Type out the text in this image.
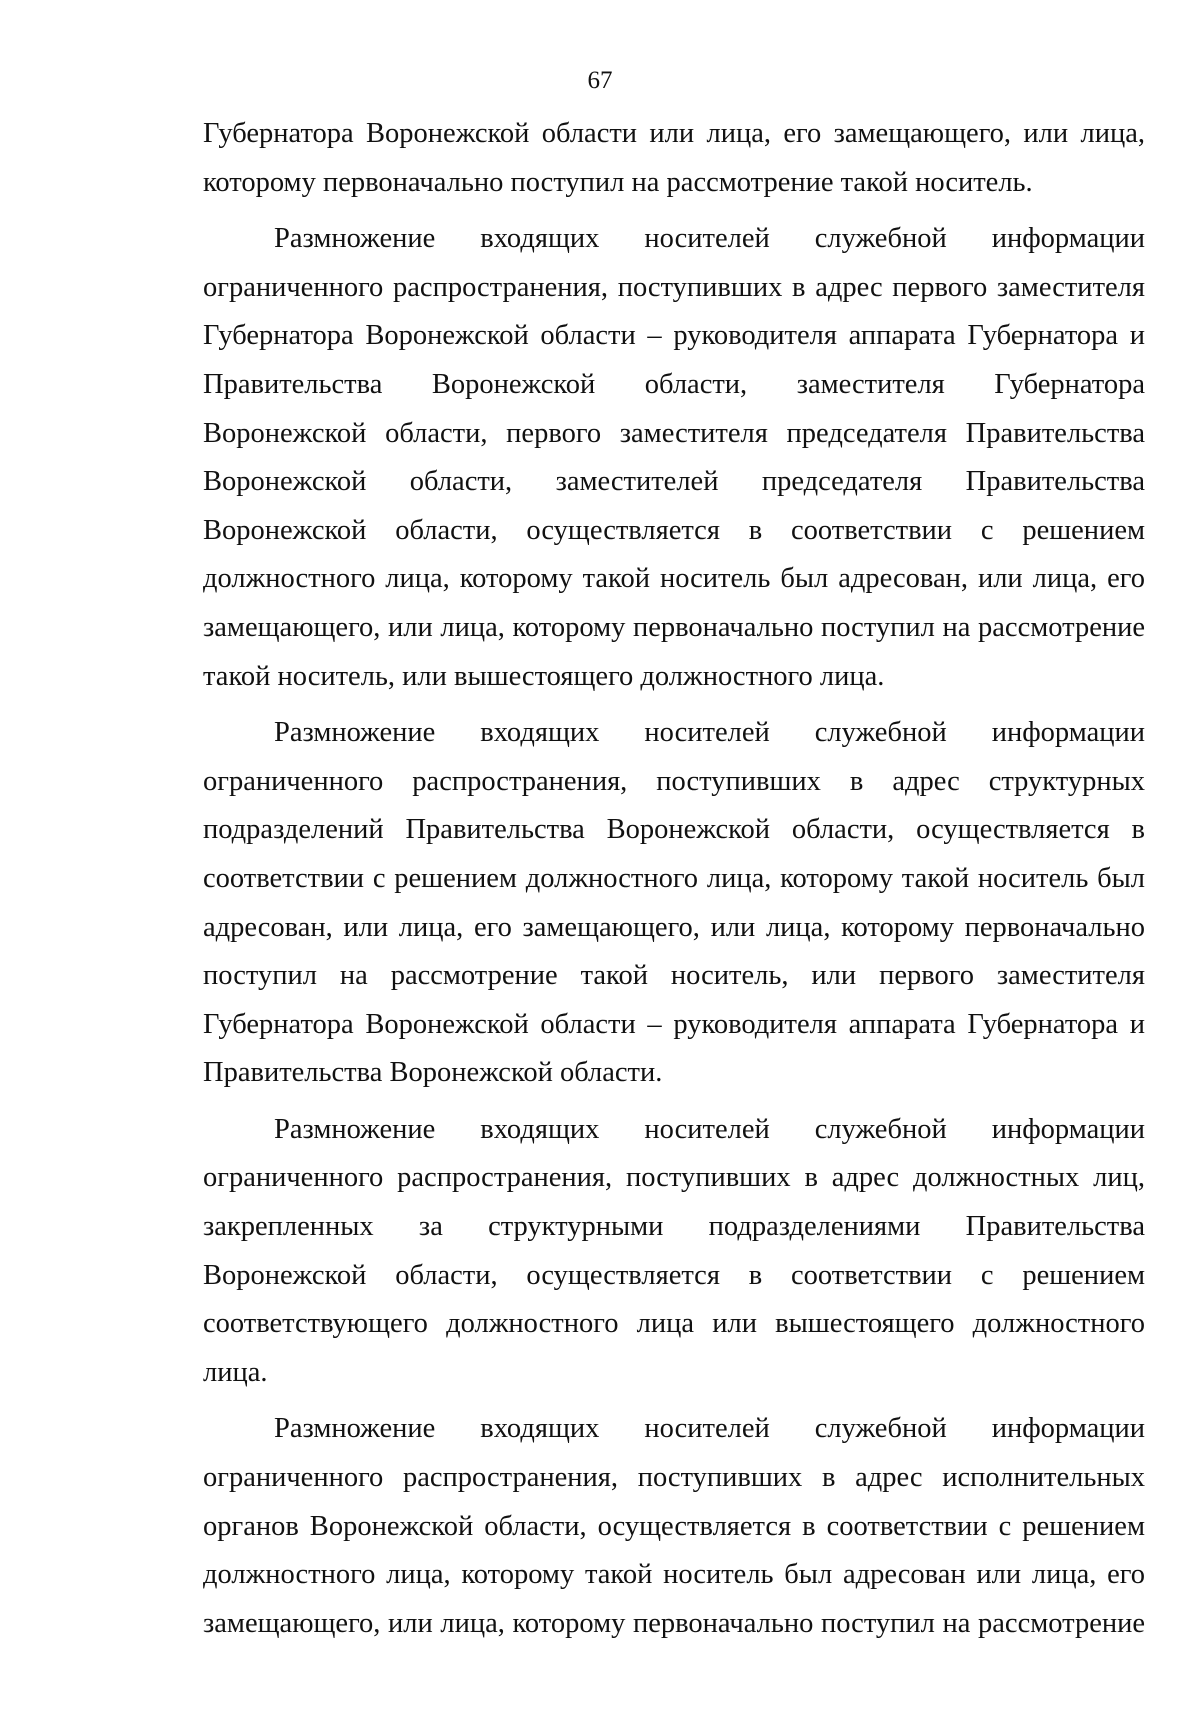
67

Губернатора Воронежской области или лица, его замещающего, или лица, которому первоначально поступил на рассмотрение такой носитель.

Размножение входящих носителей служебной информации ограниченного распространения, поступивших в адрес первого заместителя Губернатора Воронежской области – руководителя аппарата Губернатора и Правительства Воронежской области, заместителя Губернатора Воронежской области, первого заместителя председателя Правительства Воронежской области, заместителей председателя Правительства Воронежской области, осуществляется в соответствии с решением должностного лица, которому такой носитель был адресован, или лица, его замещающего, или лица, которому первоначально поступил на рассмотрение такой носитель, или вышестоящего должностного лица.

Размножение входящих носителей служебной информации ограниченного распространения, поступивших в адрес структурных подразделений Правительства Воронежской области, осуществляется в соответствии с решением должностного лица, которому такой носитель был адресован, или лица, его замещающего, или лица, которому первоначально поступил на рассмотрение такой носитель, или первого заместителя Губернатора Воронежской области – руководителя аппарата Губернатора и Правительства Воронежской области.

Размножение входящих носителей служебной информации ограниченного распространения, поступивших в адрес должностных лиц, закрепленных за структурными подразделениями Правительства Воронежской области, осуществляется в соответствии с решением соответствующего должностного лица или вышестоящего должностного лица.

Размножение входящих носителей служебной информации ограниченного распространения, поступивших в адрес исполнительных органов Воронежской области, осуществляется в соответствии с решением должностного лица, которому такой носитель был адресован или лица, его замещающего, или лица, которому первоначально поступил на рассмотрение
